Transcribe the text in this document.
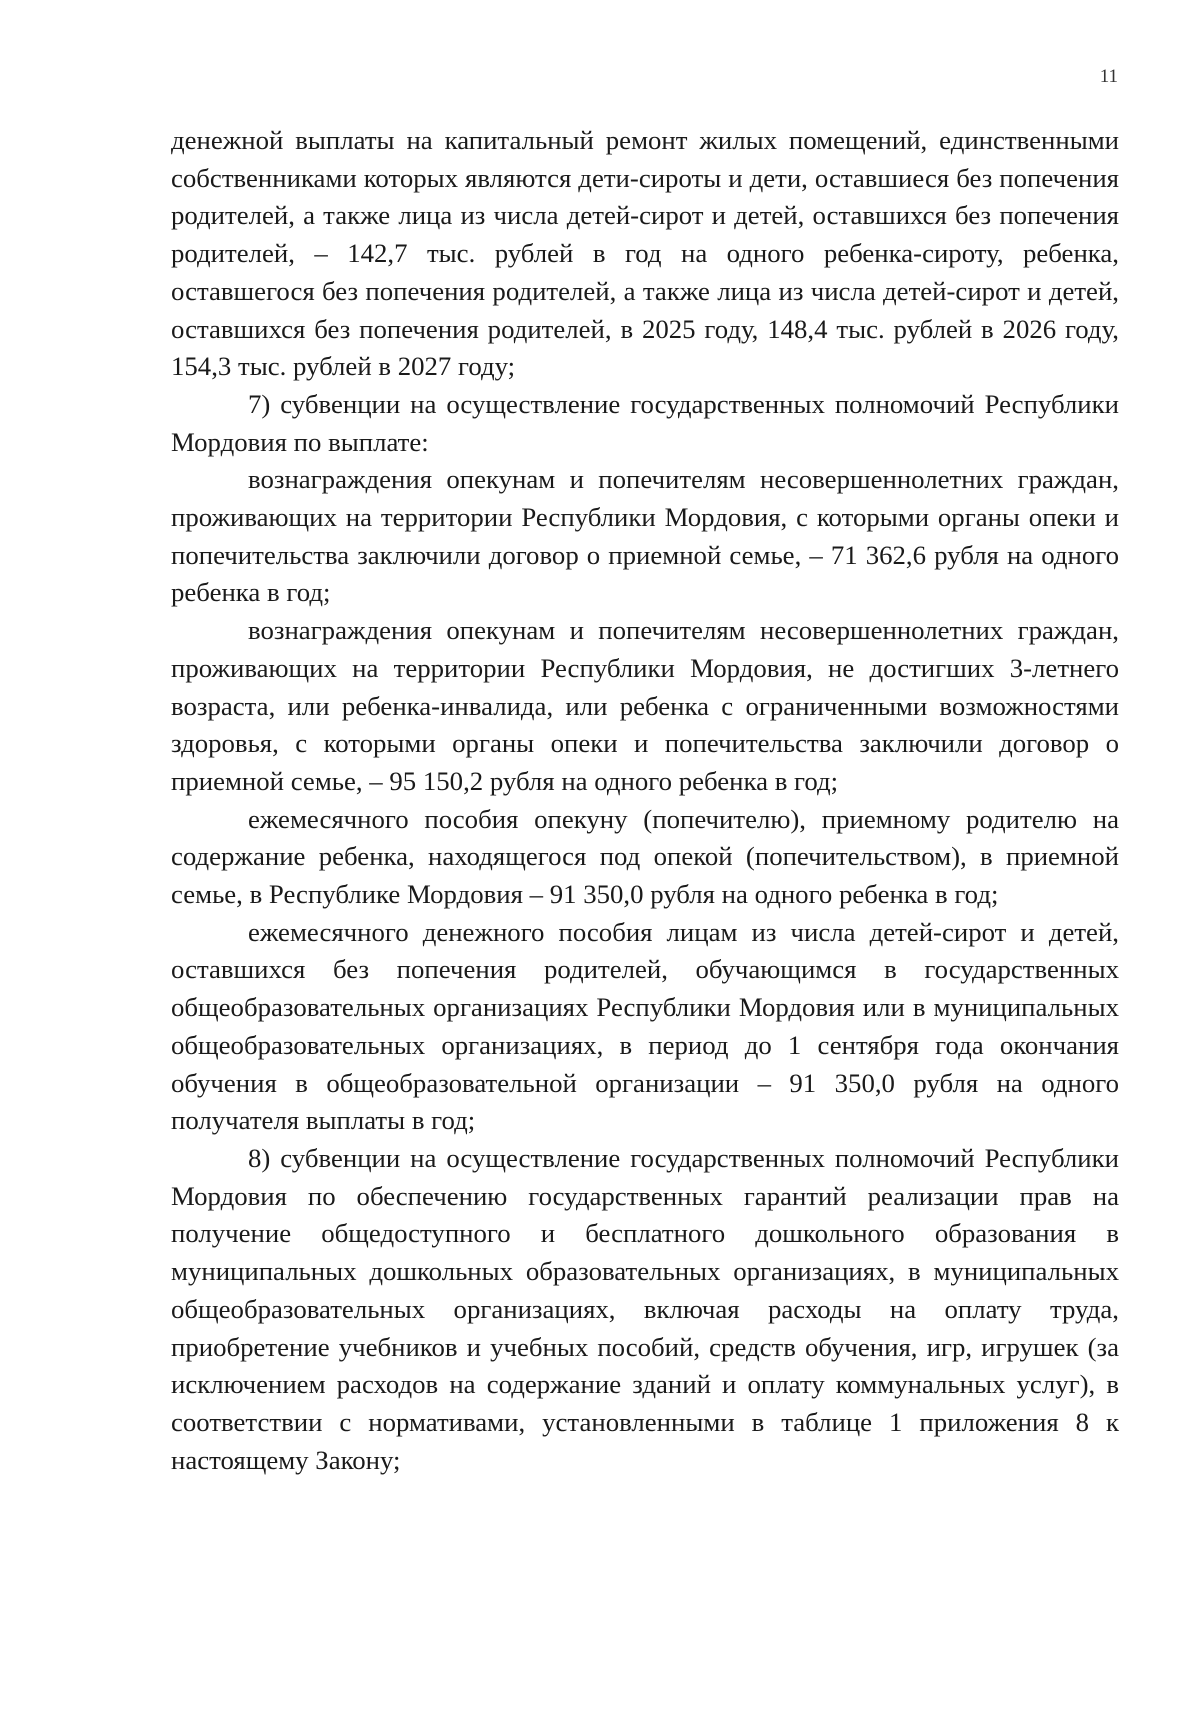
11

денежной выплаты на капитальный ремонт жилых помещений, единственными собственниками которых являются дети-сироты и дети, оставшиеся без попечения родителей, а также лица из числа детей-сирот и детей, оставшихся без попечения родителей, – 142,7 тыс. рублей в год на одного ребенка-сироту, ребенка, оставшегося без попечения родителей, а также лица из числа детей-сирот и детей, оставшихся без попечения родителей, в 2025 году, 148,4 тыс. рублей в 2026 году, 154,3 тыс. рублей в 2027 году;

7) субвенции на осуществление государственных полномочий Республики Мордовия по выплате:

вознаграждения опекунам и попечителям несовершеннолетних граждан, проживающих на территории Республики Мордовия, с которыми органы опеки и попечительства заключили договор о приемной семье, – 71 362,6 рубля на одного ребенка в год;

вознаграждения опекунам и попечителям несовершеннолетних граждан, проживающих на территории Республики Мордовия, не достигших 3-летнего возраста, или ребенка-инвалида, или ребенка с ограниченными возможностями здоровья, с которыми органы опеки и попечительства заключили договор о приемной семье, – 95 150,2 рубля на одного ребенка в год;

ежемесячного пособия опекуну (попечителю), приемному родителю на содержание ребенка, находящегося под опекой (попечительством), в приемной семье, в Республике Мордовия – 91 350,0 рубля на одного ребенка в год;

ежемесячного денежного пособия лицам из числа детей-сирот и детей, оставшихся без попечения родителей, обучающимся в государственных общеобразовательных организациях Республики Мордовия или в муниципальных общеобразовательных организациях, в период до 1 сентября года окончания обучения в общеобразовательной организации – 91 350,0 рубля на одного получателя выплаты в год;

8) субвенции на осуществление государственных полномочий Республики Мордовия по обеспечению государственных гарантий реализации прав на получение общедоступного и бесплатного дошкольного образования в муниципальных дошкольных образовательных организациях, в муниципальных общеобразовательных организациях, включая расходы на оплату труда, приобретение учебников и учебных пособий, средств обучения, игр, игрушек (за исключением расходов на содержание зданий и оплату коммунальных услуг), в соответствии с нормативами, установленными в таблице 1 приложения 8 к настоящему Закону;
